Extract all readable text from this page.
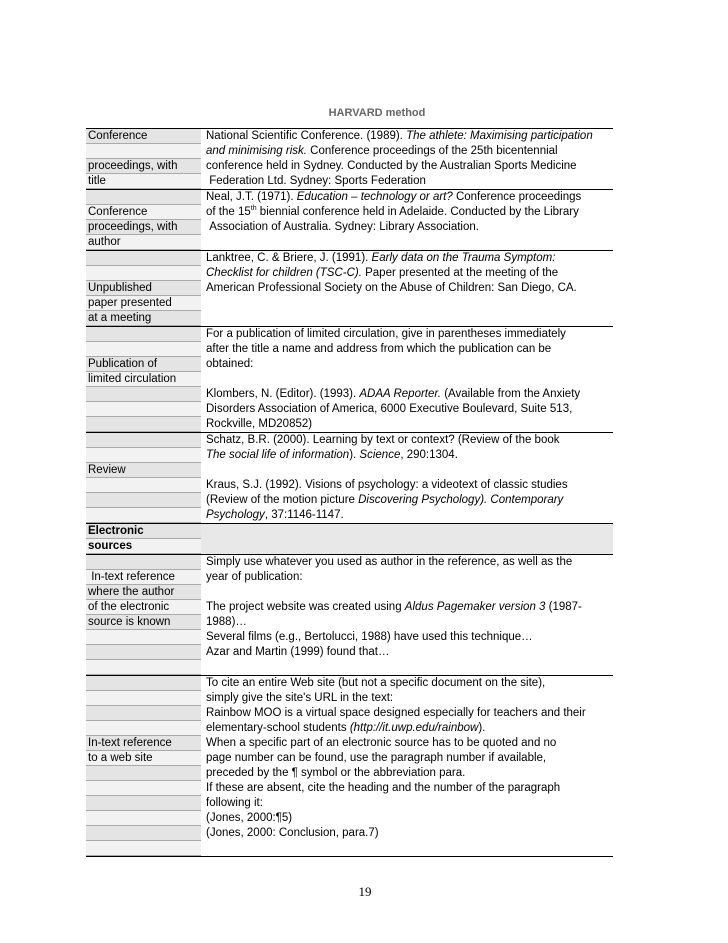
HARVARD method
Conference
proceedings, with
title
National Scientific Conference. (1989). The athlete: Maximising participation
and minimising risk. Conference proceedings of the 25th bicentennial
conference held in Sydney. Conducted by the Australian Sports Medicine
Federation Ltd. Sydney: Sports Federation
Conference
proceedings, with
author
Neal, J.T. (1971). Education – technology or art? Conference proceedings
of the 15th biennial conference held in Adelaide. Conducted by the Library
Association of Australia. Sydney: Library Association.
Unpublished
paper presented
at a meeting
Lanktree, C. & Briere, J. (1991). Early data on the Trauma Symptom:
Checklist for children (TSC-C). Paper presented at the meeting of the
American Professional Society on the Abuse of Children: San Diego, CA.
Publication of
limited circulation
For a publication of limited circulation, give in parentheses immediately
after the title a name and address from which the publication can be
obtained:
Klombers, N. (Editor). (1993). ADAA Reporter. (Available from the Anxiety
Disorders Association of America, 6000 Executive Boulevard, Suite 513,
Rockville, MD20852)
Review
Schatz, B.R. (2000). Learning by text or context? (Review of the book
The social life of information). Science, 290:1304.
Kraus, S.J. (1992). Visions of psychology: a videotext of classic studies
(Review of the motion picture Discovering Psychology). Contemporary
Psychology, 37:1146-1147.
Electronic
sources
In-text reference
where the author
of the electronic
source is known
Simply use whatever you used as author in the reference, as well as the
year of publication:
The project website was created using Aldus Pagemaker version 3 (1987-
1988)…
Several films (e.g., Bertolucci, 1988) have used this technique…
Azar and Martin (1999) found that…
In-text reference
to a web site
To cite an entire Web site (but not a specific document on the site),
simply give the site's URL in the text:
Rainbow MOO is a virtual space designed especially for teachers and their
elementary-school students (http://it.uwp.edu/rainbow).
When a specific part of an electronic source has to be quoted and no
page number can be found, use the paragraph number if available,
preceded by the ¶ symbol or the abbreviation para.
If these are absent, cite the heading and the number of the paragraph
following it:
(Jones, 2000:¶5)
(Jones, 2000: Conclusion, para.7)
19
